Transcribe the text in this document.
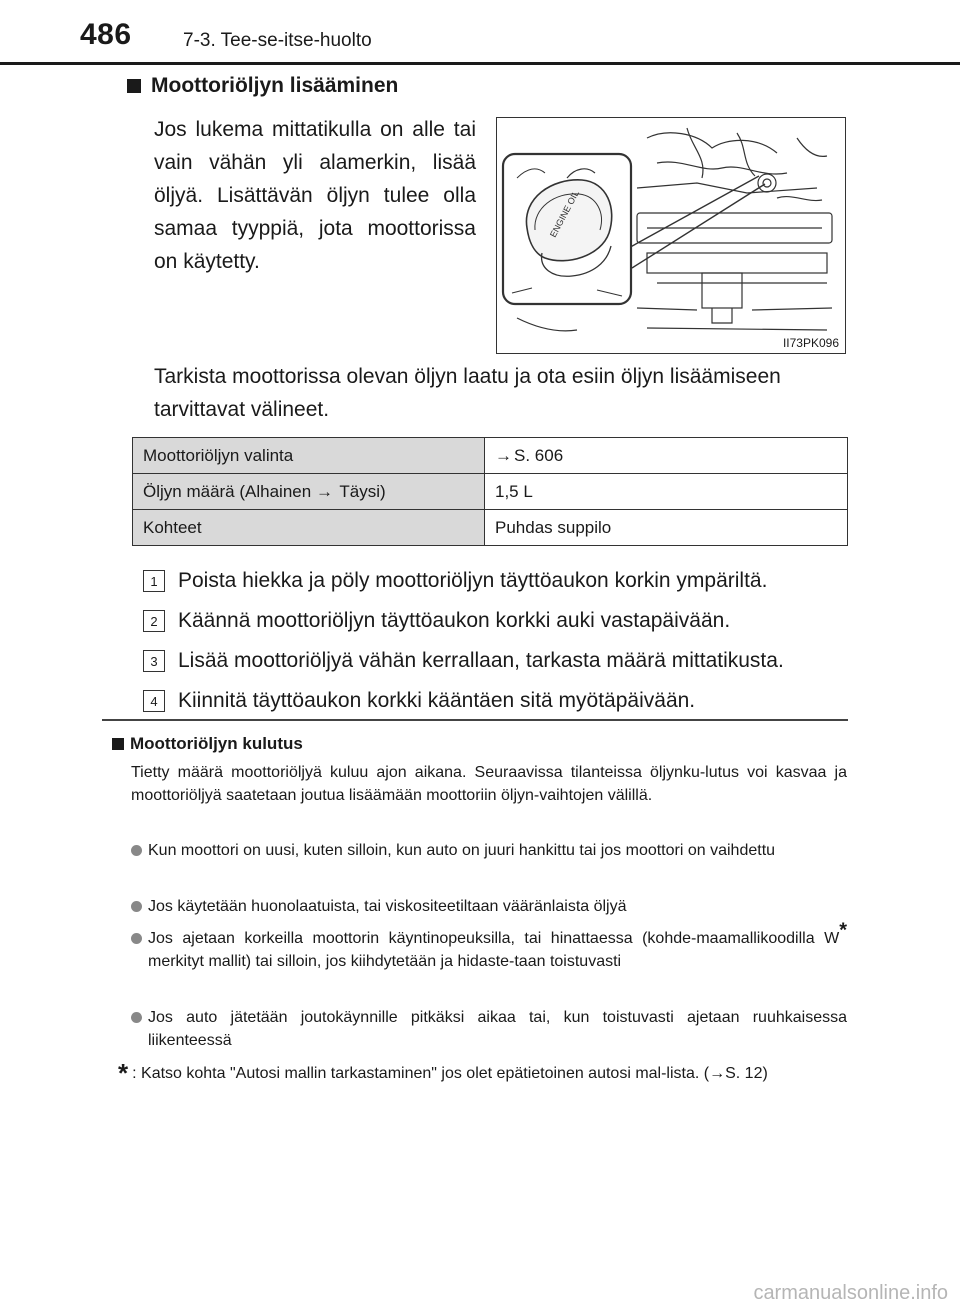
486	7-3. Tee-se-itse-huolto
Moottoriöljyn lisääminen

Jos lukema mittatikulla on alle tai vain vähän yli alamerkin, lisää öljyä. Lisättävän öljyn tulee olla samaa tyyppiä, jota moottorissa on käytetty.

ENGINE OIL
II73PK096

Tarkista moottorissa olevan öljyn laatu ja ota esiin öljyn lisäämiseen tarvittavat välineet.

Moottoriöljyn valinta	→ S. 606
Öljyn määrä (Alhainen → Täysi)	1,5 L
Kohteet	Puhdas suppilo
1 Poista hiekka ja pöly moottoriöljyn täyttöaukon korkin ympäriltä.
2 Käännä moottoriöljyn täyttöaukon korkki auki vastapäivään.
3 Lisää moottoriöljyä vähän kerrallaan, tarkasta määrä mittatikusta.
4 Kiinnitä täyttöaukon korkki kääntäen sitä myötäpäivään.
Moottoriöljyn kulutus

Tietty määrä moottoriöljyä kuluu ajon aikana. Seuraavissa tilanteissa öljynku-lutus voi kasvaa ja moottoriöljyä saatetaan joutua lisäämään moottoriin öljyn-vaihtojen välillä.

Kun moottori on uusi, kuten silloin, kun auto on juuri hankittu tai jos moottori on vaihdettu
Jos käytetään huonolaatuista, tai viskositeetiltaan vääränlaista öljyä
Jos ajetaan korkeilla moottorin käyntinopeuksilla, tai hinattaessa (kohde-maamallikoodilla W* merkityt mallit) tai silloin, jos kiihdytetään ja hidaste-taan toistuvasti
Jos auto jätetään joutokäynnille pitkäksi aikaa tai, kun toistuvasti ajetaan ruuhkaisessa liikenteessä
* : Katso kohta "Autosi mallin tarkastaminen" jos olet epätietoinen autosi mal-lista. (→S. 12)
carmanualsonline.info
